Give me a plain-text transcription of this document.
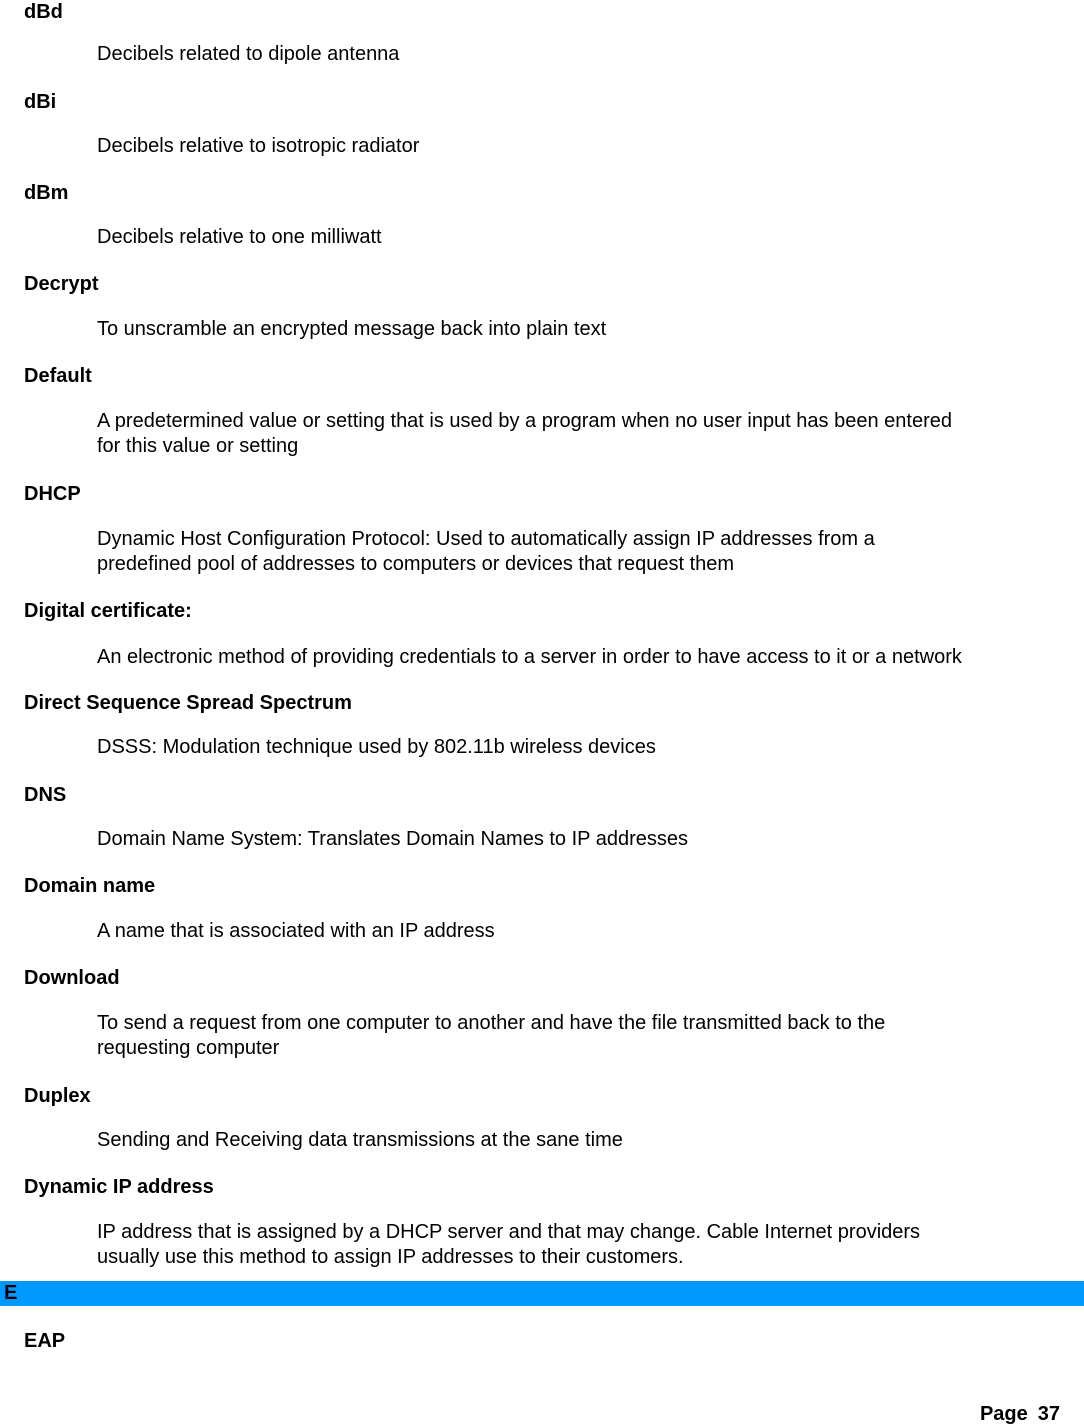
dBd
Decibels related to dipole antenna
dBi
Decibels relative to isotropic radiator
dBm
Decibels relative to one milliwatt
Decrypt
To unscramble an encrypted message back into plain text
Default
A predetermined value or setting that is used by a program when no user input has been entered
for this value or setting
DHCP
Dynamic Host Configuration Protocol: Used to automatically assign IP addresses from a
predefined pool of addresses to computers or devices that request them
Digital certificate:
An electronic method of providing credentials to a server in order to have access to it or a network
Direct Sequence Spread Spectrum
DSSS: Modulation technique used by 802.11b wireless devices
DNS
Domain Name System: Translates Domain Names to IP addresses
Domain name
A name that is associated with an IP address
Download
To send a request from one computer to another and have the file transmitted back to the
requesting computer
Duplex
Sending and Receiving data transmissions at the sane time
Dynamic IP address
IP address that is assigned by a DHCP server and that may change. Cable Internet providers
usually use this method to assign IP addresses to their customers.
E
EAP
Page 37
